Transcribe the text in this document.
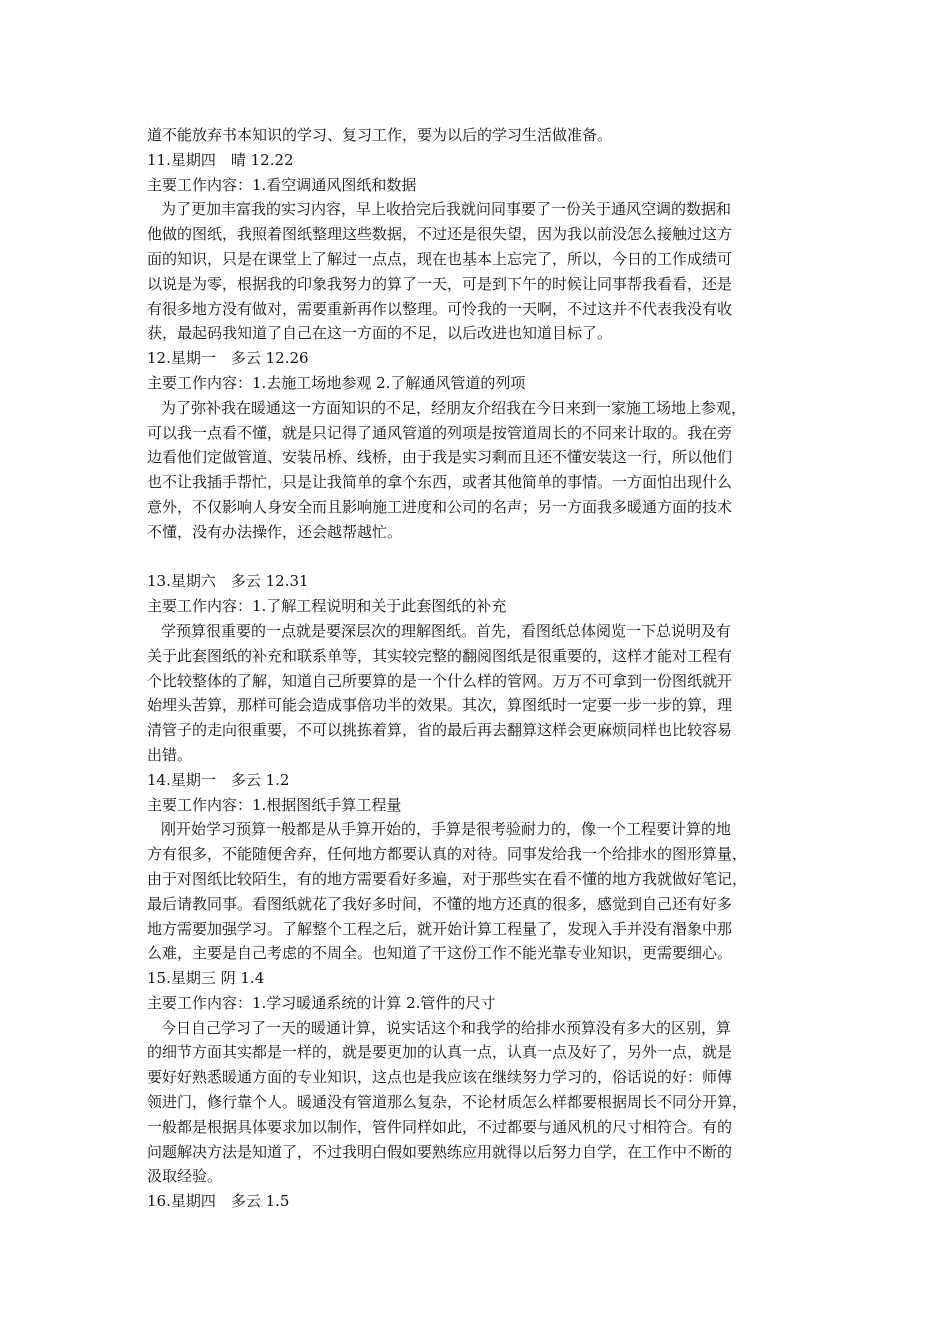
道不能放弃书本知识的学习、复习工作，要为以后的学习生活做准备。
11.星期四　晴 12.22
主要工作内容：1.看空调通风图纸和数据
为了更加丰富我的实习内容，早上收拾完后我就问同事要了一份关于通风空调的数据和
他做的图纸，我照着图纸整理这些数据，不过还是很失望，因为我以前没怎么接触过这方
面的知识，只是在课堂上了解过一点点，现在也基本上忘完了，所以，今日的工作成绩可
以说是为零，根据我的印象我努力的算了一天，可是到下午的时候让同事帮我看看，还是
有很多地方没有做对，需要重新再作以整理。可怜我的一天啊，不过这并不代表我没有收
获，最起码我知道了自己在这一方面的不足，以后改进也知道目标了。
12.星期一　多云 12.26
主要工作内容：1.去施工场地参观 2.了解通风管道的列项
为了弥补我在暖通这一方面知识的不足，经朋友介绍我在今日来到一家施工场地上参观，
可以我一点看不懂，就是只记得了通风管道的列项是按管道周长的不同来计取的。我在旁
边看他们定做管道、安装吊桥、线桥，由于我是实习剩而且还不懂安装这一行，所以他们
也不让我插手帮忙，只是让我简单的拿个东西，或者其他简单的事情。一方面怕出现什么
意外，不仅影响人身安全而且影响施工进度和公司的名声；另一方面我多暖通方面的技术
不懂，没有办法操作，还会越帮越忙。
13.星期六　多云 12.31
主要工作内容：1.了解工程说明和关于此套图纸的补充
学预算很重要的一点就是要深层次的理解图纸。首先，看图纸总体阅览一下总说明及有
关于此套图纸的补充和联系单等，其实较完整的翻阅图纸是很重要的，这样才能对工程有
个比较整体的了解，知道自己所要算的是一个什么样的管网。万万不可拿到一份图纸就开
始埋头苦算，那样可能会造成事倍功半的效果。其次，算图纸时一定要一步一步的算，理
清管子的走向很重要，不可以挑拣着算，省的最后再去翻算这样会更麻烦同样也比较容易
出错。
14.星期一　多云 1.2
主要工作内容：1.根据图纸手算工程量
刚开始学习预算一般都是从手算开始的，手算是很考验耐力的，像一个工程要计算的地
方有很多，不能随便舍弃，任何地方都要认真的对待。同事发给我一个给排水的图形算量，
由于对图纸比较陌生，有的地方需要看好多遍，对于那些实在看不懂的地方我就做好笔记，
最后请教同事。看图纸就花了我好多时间，不懂的地方还真的很多，感觉到自己还有好多
地方需要加强学习。了解整个工程之后，就开始计算工程量了，发现入手并没有湣象中那
么难，主要是自己考虑的不周全。也知道了干这份工作不能光靠专业知识，更需要细心。
15.星期三 阴 1.4
主要工作内容：1.学习暖通系统的计算 2.管件的尺寸
今日自己学习了一天的暖通计算，说实话这个和我学的给排水预算没有多大的区别，算
的细节方面其实都是一样的，就是要更加的认真一点，认真一点及好了，另外一点，就是
要好好熟悉暖通方面的专业知识，这点也是我应该在继续努力学习的，俗话说的好：师傅
领进门，修行靠个人。暖通没有管道那么复杂，不论材质怎么样都要根据周长不同分开算，
一般都是根据具体要求加以制作，管件同样如此，不过都要与通风机的尺寸相符合。有的
问题解决方法是知道了，不过我明白假如要熟练应用就得以后努力自学，在工作中不断的
汲取经验。
16.星期四　多云 1.5
